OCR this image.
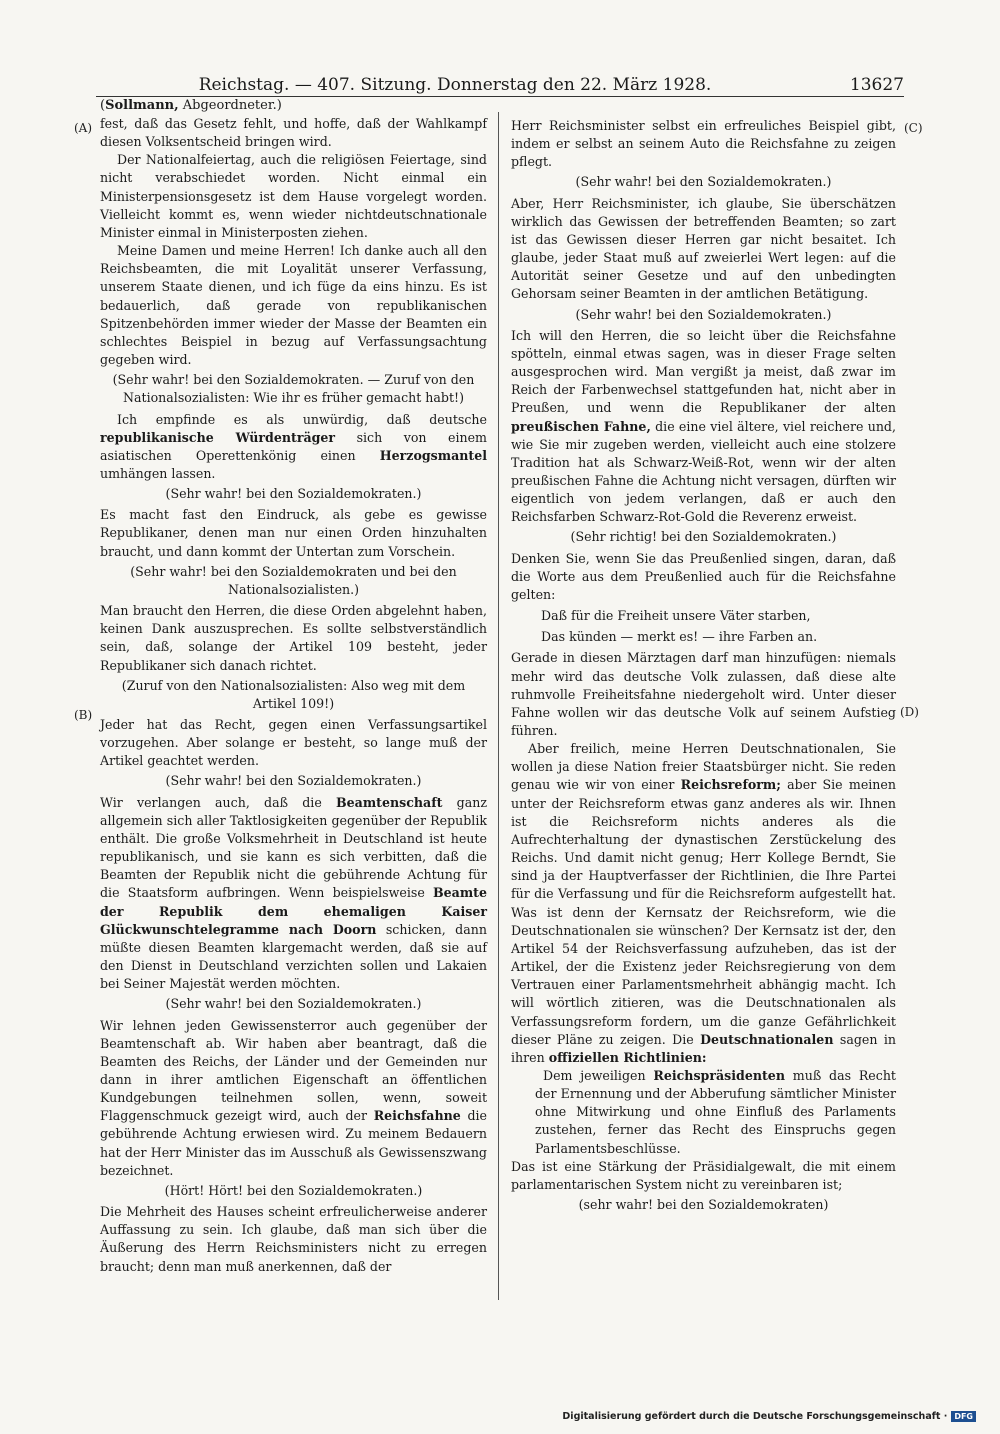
Reichstag. — 407. Sitzung. Donnerstag den 22. März 1928.	13627
(Sollmann, Abgeordneter.)
(A)
(B)
(C)
(D)
fest, daß das Gesetz fehlt, und hoffe, daß der Wahlkampf diesen Volksentscheid bringen wird.
Der Nationalfeiertag, auch die religiösen Feiertage, sind nicht verabschiedet worden. Nicht einmal ein Ministerpensionsgesetz ist dem Hause vorgelegt worden. Vielleicht kommt es, wenn wieder nichtdeutschnationale Minister einmal in Ministerposten ziehen.
Meine Damen und meine Herren! Ich danke auch all den Reichsbeamten, die mit Loyalität unserer Verfassung, unserem Staate dienen, und ich füge da eins hinzu. Es ist bedauerlich, daß gerade von republikanischen Spitzenbehörden immer wieder der Masse der Beamten ein schlechtes Beispiel in bezug auf Verfassungsachtung gegeben wird.
(Sehr wahr! bei den Sozialdemokraten. — Zuruf von den Nationalsozialisten: Wie ihr es früher gemacht habt!)
Ich empfinde es als unwürdig, daß deutsche republikanische Würdenträger sich von einem asiatischen Operettenkönig einen Herzogsmantel umhängen lassen.
(Sehr wahr! bei den Sozialdemokraten.)
Es macht fast den Eindruck, als gebe es gewisse Republikaner, denen man nur einen Orden hinzuhalten braucht, und dann kommt der Untertan zum Vorschein.
(Sehr wahr! bei den Sozialdemokraten und bei den Nationalsozialisten.)
Man braucht den Herren, die diese Orden abgelehnt haben, keinen Dank auszusprechen. Es sollte selbstverständlich sein, daß, solange der Artikel 109 besteht, jeder Republikaner sich danach richtet.
(Zuruf von den Nationalsozialisten: Also weg mit dem Artikel 109!)
Jeder hat das Recht, gegen einen Verfassungsartikel vorzugehen. Aber solange er besteht, so lange muß der Artikel geachtet werden.
(Sehr wahr! bei den Sozialdemokraten.)
Wir verlangen auch, daß die Beamtenschaft ganz allgemein sich aller Taktlosigkeiten gegenüber der Republik enthält. Die große Volksmehrheit in Deutschland ist heute republikanisch, und sie kann es sich verbitten, daß die Beamten der Republik nicht die gebührende Achtung für die Staatsform aufbringen. Wenn beispielsweise Beamte der Republik dem ehemaligen Kaiser Glückwunschtelegramme nach Doorn schicken, dann müßte diesen Beamten klargemacht werden, daß sie auf den Dienst in Deutschland verzichten sollen und Lakaien bei Seiner Majestät werden möchten.
(Sehr wahr! bei den Sozialdemokraten.)
Wir lehnen jeden Gewissensterror auch gegenüber der Beamtenschaft ab. Wir haben aber beantragt, daß die Beamten des Reichs, der Länder und der Gemeinden nur dann in ihrer amtlichen Eigenschaft an öffentlichen Kundgebungen teilnehmen sollen, wenn, soweit Flaggenschmuck gezeigt wird, auch der Reichsfahne die gebührende Achtung erwiesen wird. Zu meinem Bedauern hat der Herr Minister das im Ausschuß als Gewissenszwang bezeichnet.
(Hört! Hört! bei den Sozialdemokraten.)
Die Mehrheit des Hauses scheint erfreulicherweise anderer Auffassung zu sein. Ich glaube, daß man sich über die Äußerung des Herrn Reichsministers nicht zu erregen braucht; denn man muß anerkennen, daß der
Herr Reichsminister selbst ein erfreuliches Beispiel gibt, indem er selbst an seinem Auto die Reichsfahne zu zeigen pflegt.
(Sehr wahr! bei den Sozialdemokraten.)
Aber, Herr Reichsminister, ich glaube, Sie überschätzen wirklich das Gewissen der betreffenden Beamten; so zart ist das Gewissen dieser Herren gar nicht besaitet. Ich glaube, jeder Staat muß auf zweierlei Wert legen: auf die Autorität seiner Gesetze und auf den unbedingten Gehorsam seiner Beamten in der amtlichen Betätigung.
(Sehr wahr! bei den Sozialdemokraten.)
Ich will den Herren, die so leicht über die Reichsfahne spötteln, einmal etwas sagen, was in dieser Frage selten ausgesprochen wird. Man vergißt ja meist, daß zwar im Reich der Farbenwechsel stattgefunden hat, nicht aber in Preußen, und wenn die Republikaner der alten preußischen Fahne, die eine viel ältere, viel reichere und, wie Sie mir zugeben werden, vielleicht auch eine stolzere Tradition hat als Schwarz-Weiß-Rot, wenn wir der alten preußischen Fahne die Achtung nicht versagen, dürften wir eigentlich von jedem verlangen, daß er auch den Reichsfarben Schwarz-Rot-Gold die Reverenz erweist.
(Sehr richtig! bei den Sozialdemokraten.)
Denken Sie, wenn Sie das Preußenlied singen, daran, daß die Worte aus dem Preußenlied auch für die Reichsfahne gelten:
Daß für die Freiheit unsere Väter starben,
Das künden — merkt es! — ihre Farben an.
Gerade in diesen Märztagen darf man hinzufügen: niemals mehr wird das deutsche Volk zulassen, daß diese alte ruhmvolle Freiheitsfahne niedergeholt wird. Unter dieser Fahne wollen wir das deutsche Volk auf seinem Aufstieg führen.
Aber freilich, meine Herren Deutschnationalen, Sie wollen ja diese Nation freier Staatsbürger nicht. Sie reden genau wie wir von einer Reichsreform; aber Sie meinen unter der Reichsreform etwas ganz anderes als wir. Ihnen ist die Reichsreform nichts anderes als die Aufrechterhaltung der dynastischen Zerstückelung des Reichs. Und damit nicht genug; Herr Kollege Berndt, Sie sind ja der Hauptverfasser der Richtlinien, die Ihre Partei für die Verfassung und für die Reichsreform aufgestellt hat. Was ist denn der Kernsatz der Reichsreform, wie die Deutschnationalen sie wünschen? Der Kernsatz ist der, den Artikel 54 der Reichsverfassung aufzuheben, das ist der Artikel, der die Existenz jeder Reichsregierung von dem Vertrauen einer Parlamentsmehrheit abhängig macht. Ich will wörtlich zitieren, was die Deutschnationalen als Verfassungsreform fordern, um die ganze Gefährlichkeit dieser Pläne zu zeigen. Die Deutschnationalen sagen in ihren offiziellen Richtlinien:
Dem jeweiligen Reichspräsidenten muß das Recht der Ernennung und der Abberufung sämtlicher Minister ohne Mitwirkung und ohne Einfluß des Parlaments zustehen, ferner das Recht des Einspruchs gegen Parlamentsbeschlüsse.
Das ist eine Stärkung der Präsidialgewalt, die mit einem parlamentarischen System nicht zu vereinbaren ist;
(sehr wahr! bei den Sozialdemokraten)
Digitalisierung gefördert durch die Deutsche Forschungsgemeinschaft · DFG
